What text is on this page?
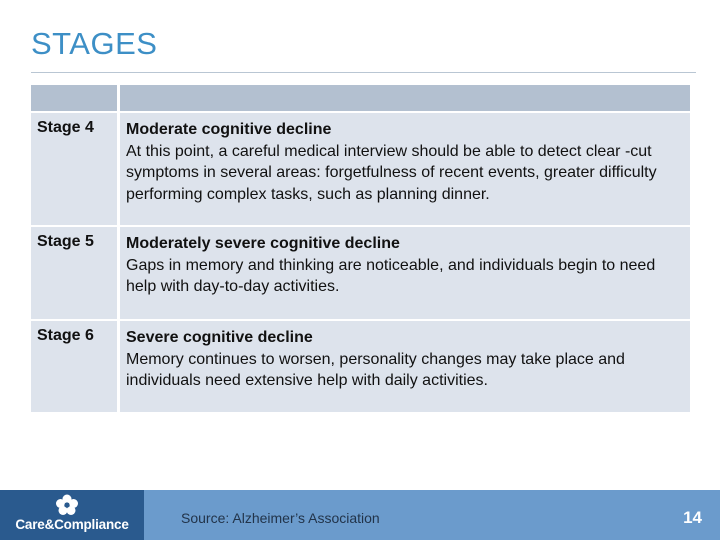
STAGES

Stage 4	Moderate cognitive decline
At this point, a careful medical interview should be able to detect clear -cut symptoms in several areas: forgetfulness of recent events, greater difficulty performing complex tasks, such as planning dinner.

Stage 5	Moderately severe cognitive decline
Gaps in memory and thinking are noticeable, and individuals begin to need help with day-to-day activities.

Stage 6	Severe cognitive decline
Memory continues to worsen, personality changes may take place and individuals need extensive help with daily activities.
Care&Compliance	Source: Alzheimer’s Association	14
